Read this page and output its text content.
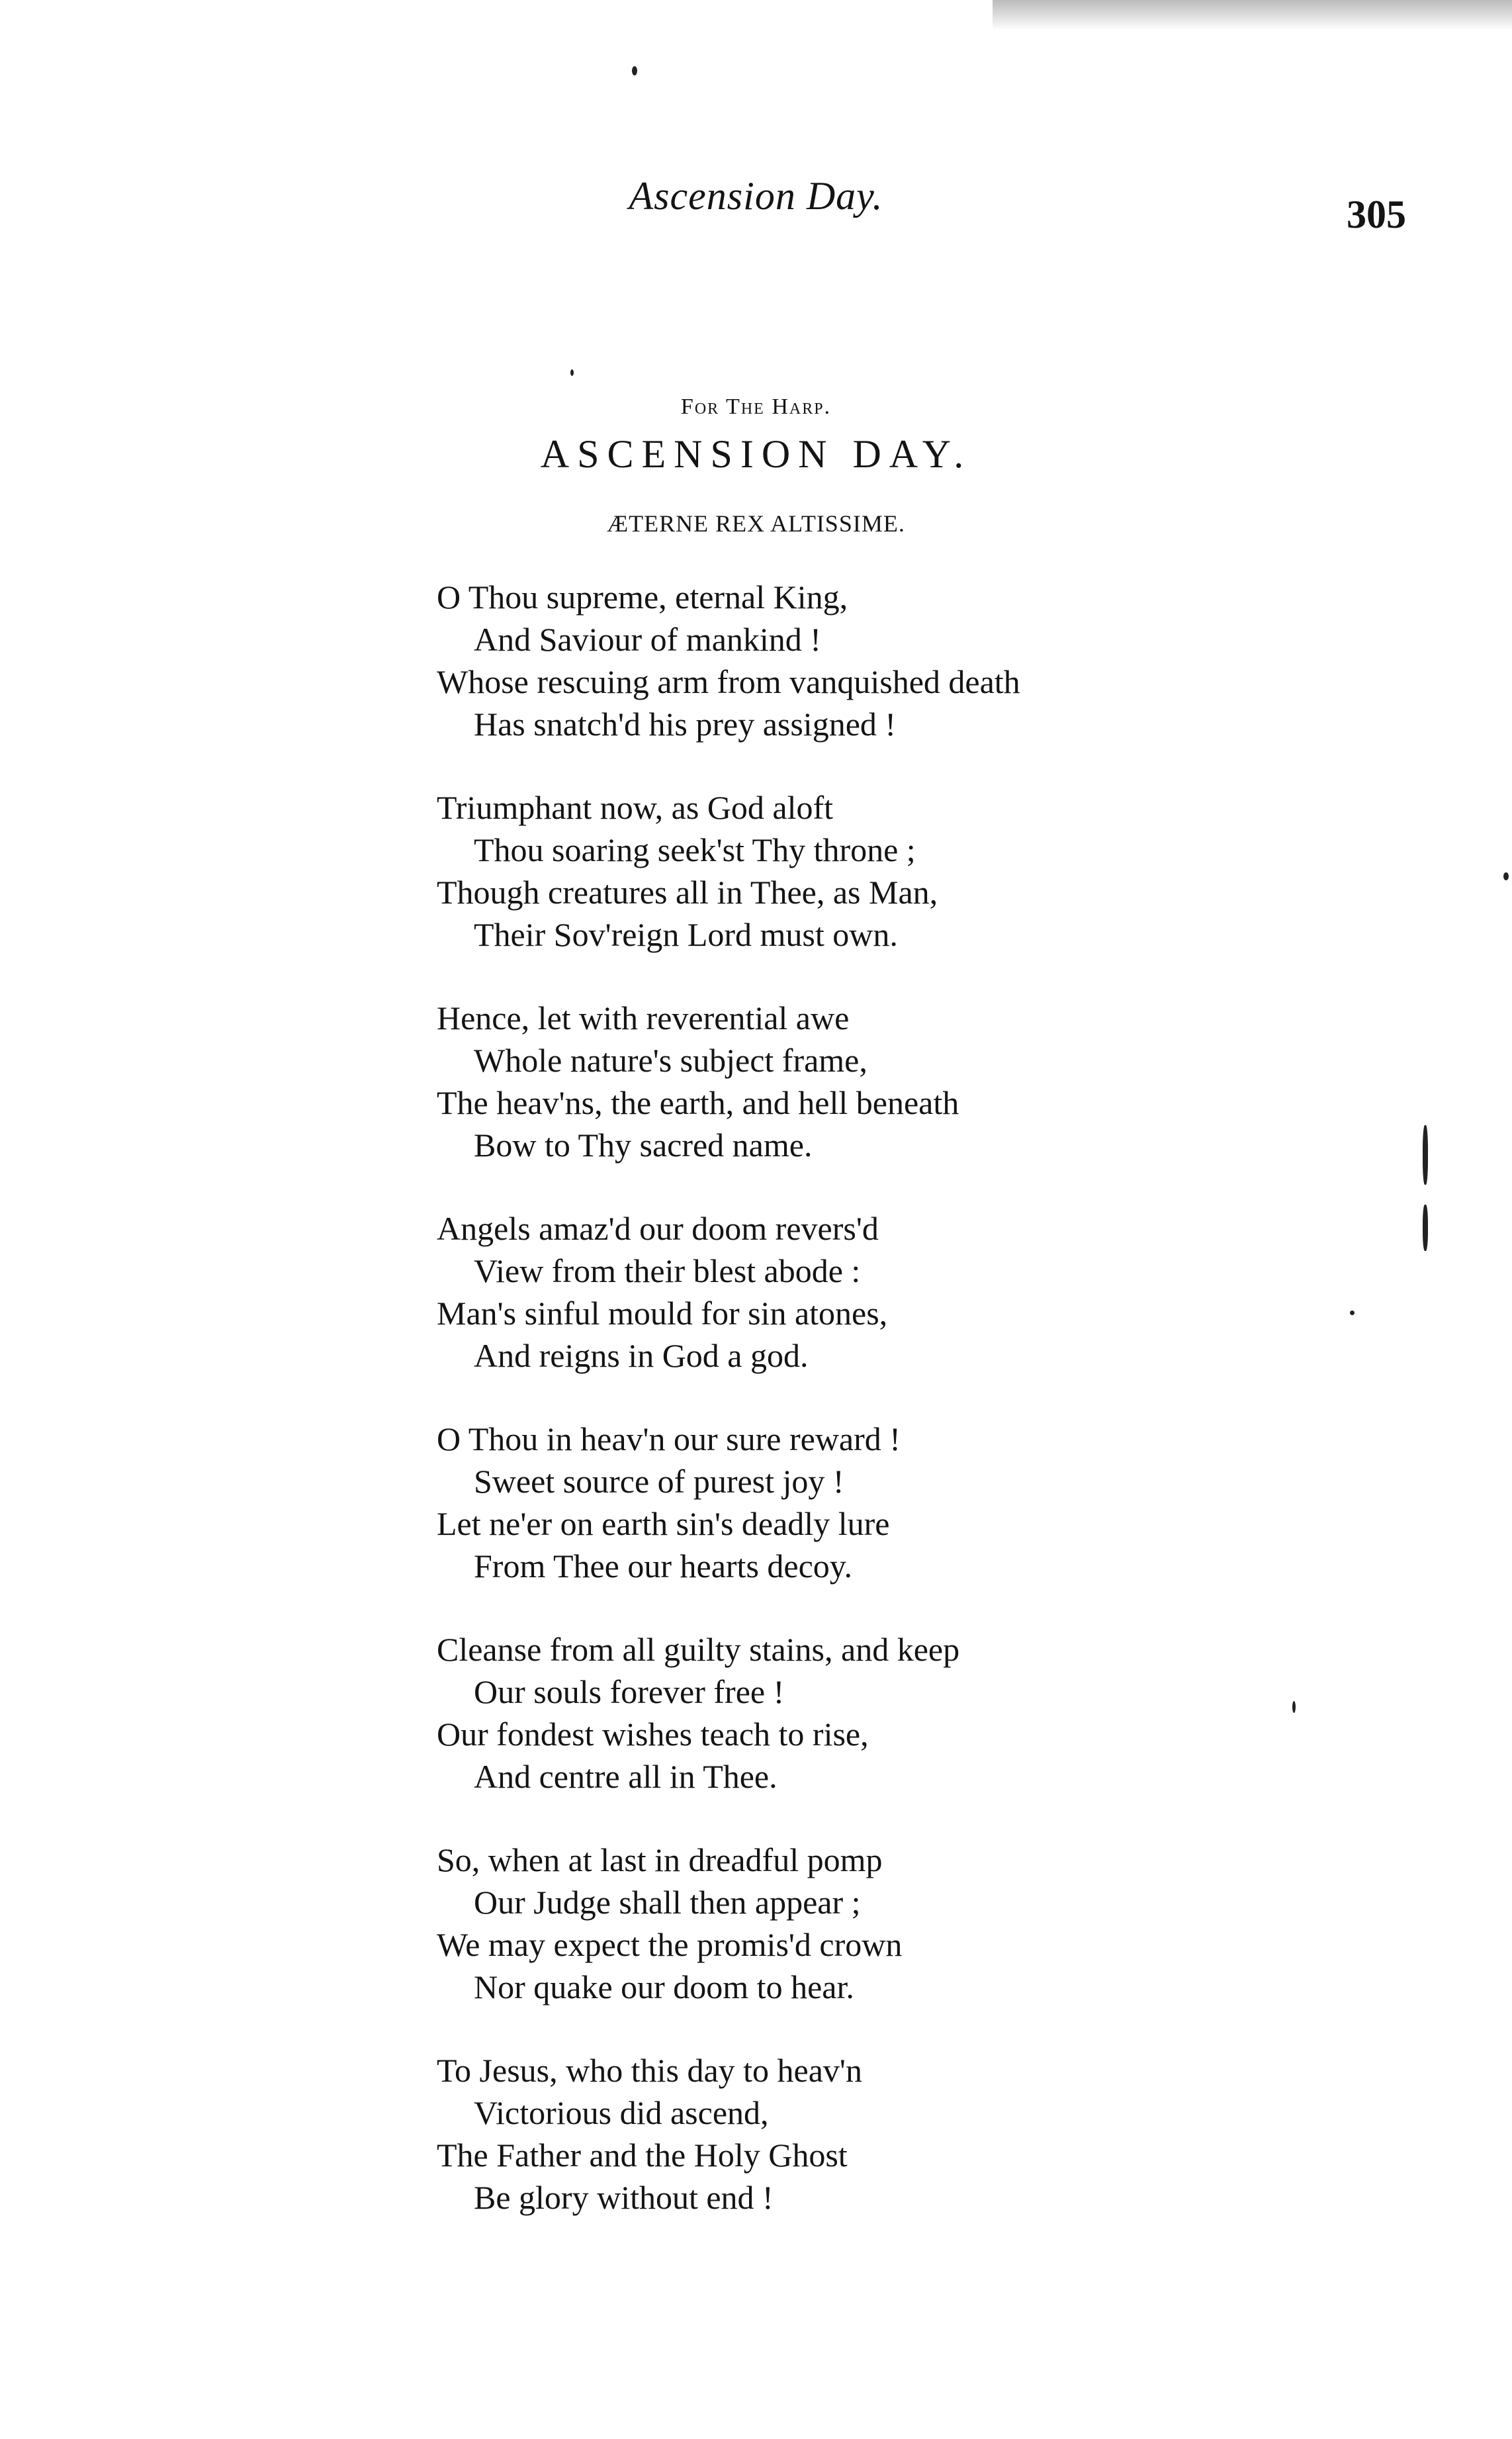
Ascension Day.	305
For The Harp.
ASCENSION DAY.
ÆTERNE REX ALTISSIME.
O Thou supreme, eternal King,
And Saviour of mankind !
Whose rescuing arm from vanquished death
Has snatch'd his prey assigned !
Triumphant now, as God aloft
Thou soaring seek'st Thy throne ;
Though creatures all in Thee, as Man,
Their Sov'reign Lord must own.
Hence, let with reverential awe
Whole nature's subject frame,
The heav'ns, the earth, and hell beneath
Bow to Thy sacred name.
Angels amaz'd our doom revers'd
View from their blest abode :
Man's sinful mould for sin atones,
And reigns in God a god.
O Thou in heav'n our sure reward !
Sweet source of purest joy !
Let ne'er on earth sin's deadly lure
From Thee our hearts decoy.
Cleanse from all guilty stains, and keep
Our souls forever free !
Our fondest wishes teach to rise,
And centre all in Thee.
So, when at last in dreadful pomp
Our Judge shall then appear ;
We may expect the promis'd crown
Nor quake our doom to hear.
To Jesus, who this day to heav'n
Victorious did ascend,
The Father and the Holy Ghost
Be glory without end !
